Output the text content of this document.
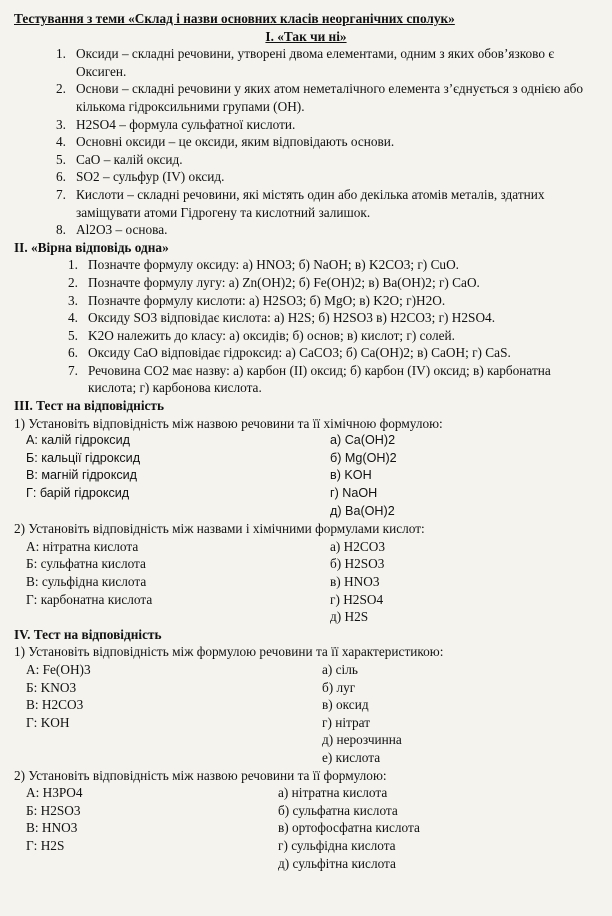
Тестування з теми «Склад і назви основних класів неорганічних сполук»
І. «Так чи ні»
1. Оксиди – складні речовини, утворені двома елементами, одним з яких обов’язково є Оксиген.
2. Основи – складні речовини у яких атом неметалічного елемента з’єднується з однією або кількома гідроксильними групами (ОН).
3. H2SO4 – формула сульфатної кислоти.
4. Основні оксиди – це оксиди, яким відповідають основи.
5. СаО – калій оксид.
6. SO2 – сульфур (IV) оксид.
7. Кислоти – складні речовини, які містять один або декілька атомів металів, здатних заміщувати атоми Гідрогену та кислотний залишок.
8. Al2O3 – основа.
II. «Вірна відповідь одна»
1. Позначте формулу оксиду: а) HNO3; б) NaOH; в) K2CO3; г) CuO.
2. Позначте формулу лугу: а) Zn(OH)2; б) Fe(OH)2; в) Ba(OH)2; г) CaO.
3. Позначте формулу кислоти: а) H2SO3; б) MgO; в) K2O; г)H2O.
4. Оксиду SO3 відповідає кислота: а) H2S; б) H2SO3 в) H2CO3; г) H2SO4.
5. K2O належить до класу: а) оксидів; б) основ; в) кислот; г) солей.
6. Оксиду CaO відповідає гідроксид: а) CaCO3; б) Ca(OH)2; в) CaOH; г) CaS.
7. Речовина CO2 має назву: а) карбон (II) оксид; б) карбон (IV) оксид; в) карбонатна кислота; г) карбонова кислота.
III. Тест на відповідність
1) Установіть відповідність між назвою речовини та її хімічною формулою:
А: калій гідроксид	а) Ca(OH)2
Б: кальції гідроксид	б) Mg(OH)2
В: магній гідроксид	в) KOH
Г: барій гідроксид	г) NaOH
д) Ba(OH)2
2) Установіть відповідність між назвами і хімічними формулами кислот:
А: нітратна кислота	а) H2CO3
Б: сульфатна кислота	б) H2SO3
В: сульфідна кислота	в) HNO3
Г: карбонатна кислота	г) H2SO4
д) H2S
IV. Тест на відповідність
1) Установіть відповідність між формулою речовини та її характеристикою:
А: Fe(OH)3	а) сіль
Б: KNO3	б) луг
В: H2CO3	в) оксид
Г: KOH	г) нітрат
д) нерозчинна
е) кислота
2) Установіть відповідність між назвою речовини та її формулою:
А: H3PO4	а) нітратна кислота
Б: H2SO3	б) сульфатна кислота
В: HNO3	в) ортофосфатна кислота
Г: H2S	г) сульфідна кислота
д) сульфітна кислота
